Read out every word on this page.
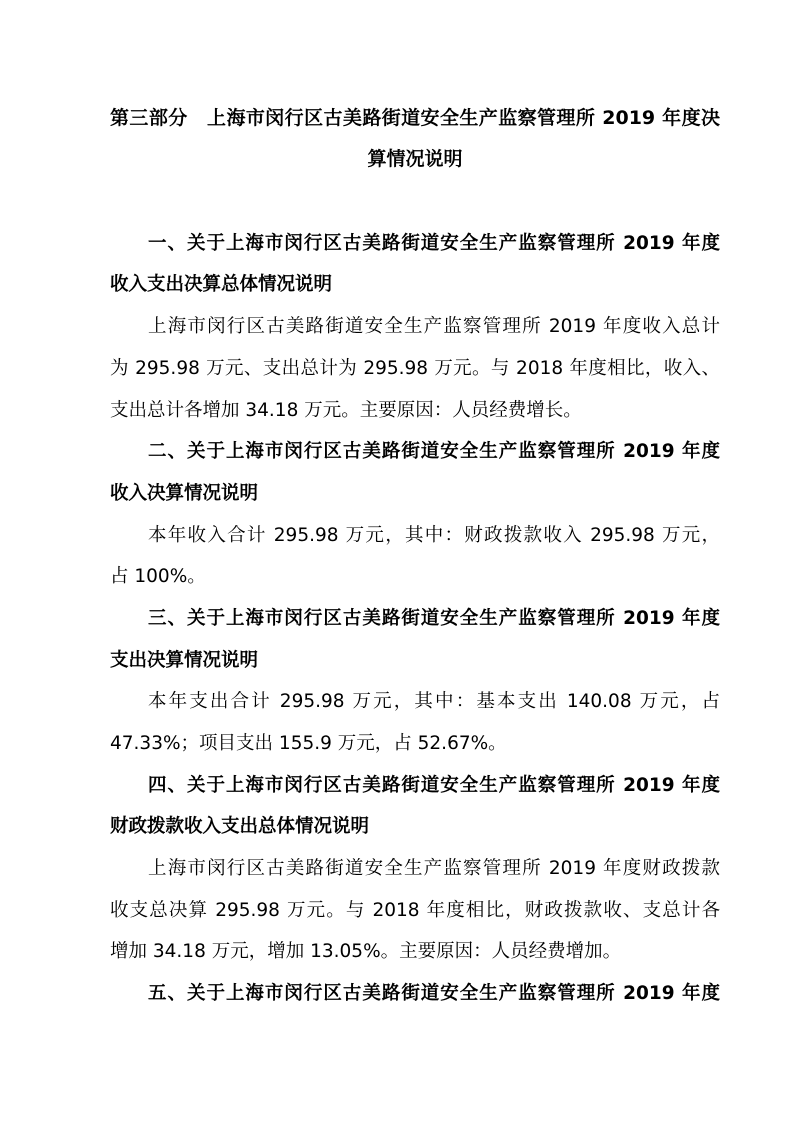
第三部分　上海市闵行区古美路街道安全生产监察管理所 2019 年度决
算情况说明
一、关于上海市闵行区古美路街道安全生产监察管理所 2019 年度
收入支出决算总体情况说明
上海市闵行区古美路街道安全生产监察管理所 2019 年度收入总计
为 295.98 万元、支出总计为 295.98 万元。与 2018 年度相比，收入、
支出总计各增加 34.18 万元。主要原因：人员经费增长。
二、关于上海市闵行区古美路街道安全生产监察管理所 2019 年度
收入决算情况说明
本年收入合计 295.98 万元，其中：财政拨款收入 295.98 万元，
占 100%。
三、关于上海市闵行区古美路街道安全生产监察管理所 2019 年度
支出决算情况说明
本年支出合计 295.98 万元，其中：基本支出 140.08 万元，占
47.33%；项目支出 155.9 万元，占 52.67%。
四、关于上海市闵行区古美路街道安全生产监察管理所 2019 年度
财政拨款收入支出总体情况说明
上海市闵行区古美路街道安全生产监察管理所 2019 年度财政拨款
收支总决算 295.98 万元。与 2018 年度相比，财政拨款收、支总计各
增加 34.18 万元，增加 13.05%。主要原因：人员经费增加。
五、关于上海市闵行区古美路街道安全生产监察管理所 2019 年度
